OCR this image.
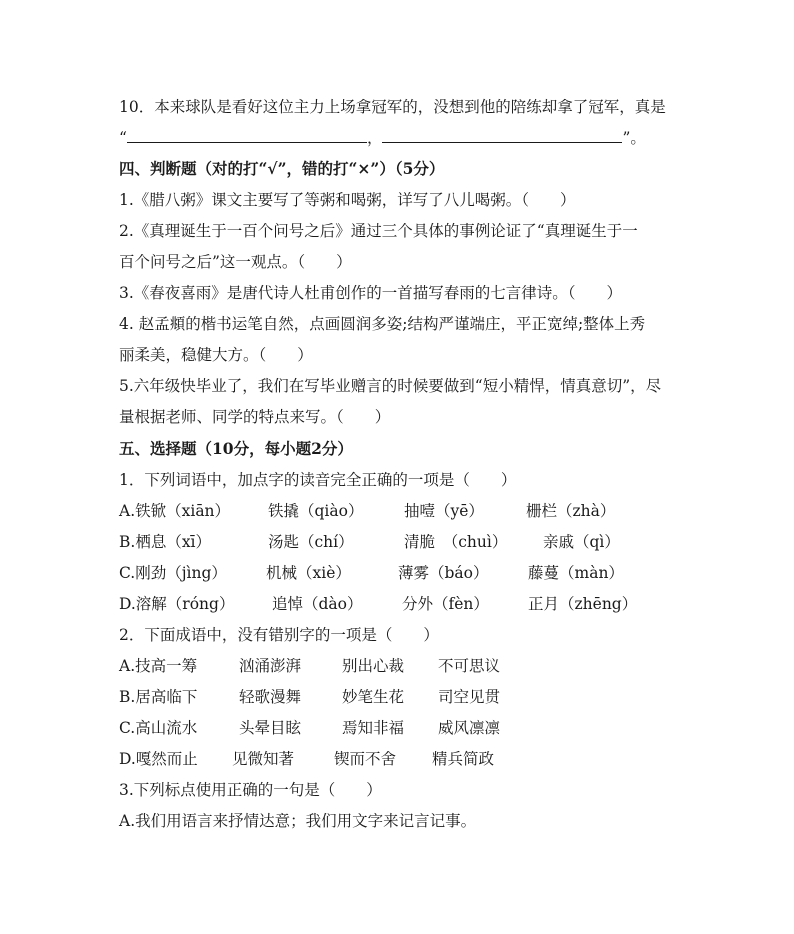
10．本来球队是看好这位主力上场拿冠军的，没想到他的陪练却拿了冠军，真是
“	，	”。
四、判断题（对的打“√”，错的打“×”）（5分）
1.《腊八粥》课文主要写了等粥和喝粥，详写了八儿喝粥。（　　）
2.《真理诞生于一百个问号之后》通过三个具体的事例论证了“真理诞生于一
百个问号之后”这一观点。（　　）
3.《春夜喜雨》是唐代诗人杜甫创作的一首描写春雨的七言律诗。（　　）
4. 赵孟頫的楷书运笔自然，点画圆润多姿;结构严谨端庄，平正宽绰;整体上秀
丽柔美，稳健大方。（　　）
5.六年级快毕业了，我们在写毕业赠言的时候要做到“短小精悍，情真意切”，尽
量根据老师、同学的特点来写。（　　）
五、选择题（10分，每小题2分）
1．下列词语中，加点字的读音完全正确的一项是（　　）
A.铁锨（xiān） 铁撬（qiào）	抽噎（yē）	栅栏（zhà）
B.栖息（xī）	汤匙（chí）	清脆　（chuì） 亲戚（qì）
C.刚劲（jìng）	机械（xiè）	薄雾（báo）	藤蔓（màn）
D.溶解（róng） 追悼（dào）	分外（fèn）	正月（zhēng）
2．下面成语中，没有错别字的一项是（　　）
A.技高一筹	汹涌澎湃	别出心裁 不可思议
B.居高临下	轻歌漫舞	妙笔生花 司空见贯
C.高山流水	头晕目眩	焉知非福 威风凛凛
D.嘎然而止 见微知著	锲而不舍 精兵简政
3.下列标点使用正确的一句是（　　）
A.我们用语言来抒情达意；我们用文字来记言记事。
